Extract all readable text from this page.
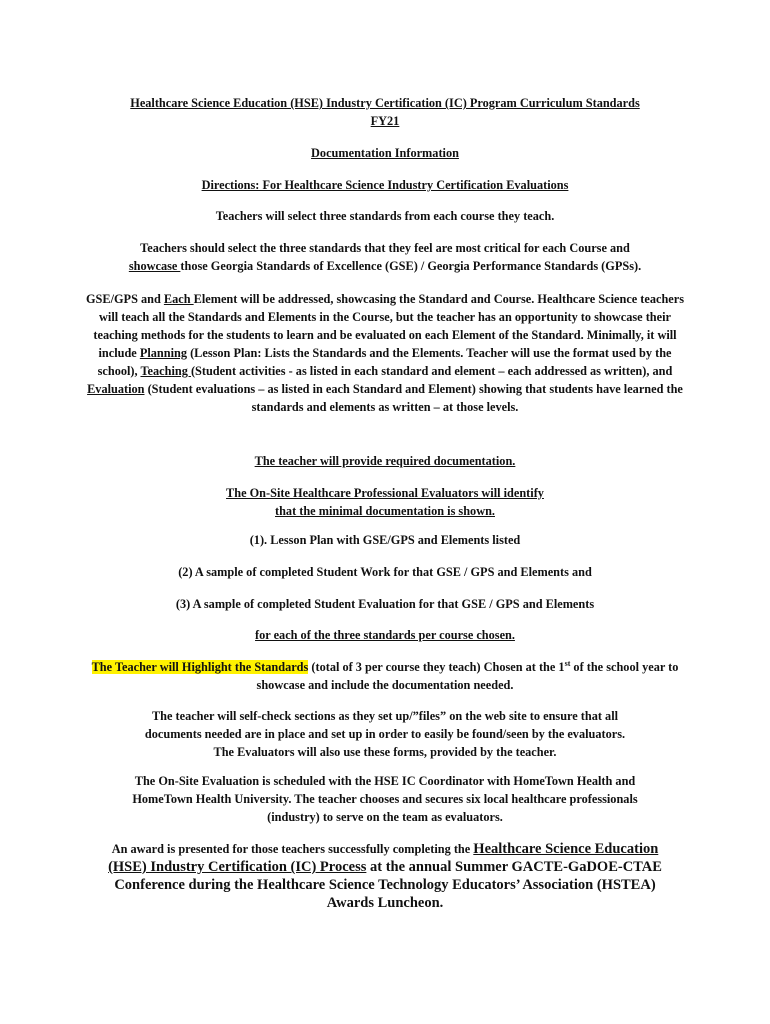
Healthcare Science Education (HSE) Industry Certification (IC) Program Curriculum Standards
FY21

Documentation Information

Directions: For Healthcare Science Industry Certification Evaluations

Teachers will select three standards from each course they teach.

Teachers should select the three standards that they feel are most critical for each Course and
showcase those Georgia Standards of Excellence (GSE) / Georgia Performance Standards (GPSs).

GSE/GPS and Each Element will be addressed, showcasing the Standard and Course. Healthcare Science teachers will teach all the Standards and Elements in the Course, but the teacher has an opportunity to showcase their teaching methods for the students to learn and be evaluated on each Element of the Standard. Minimally, it will include Planning (Lesson Plan: Lists the Standards and the Elements. Teacher will use the format used by the school), Teaching (Student activities - as listed in each standard and element – each addressed as written), and Evaluation (Student evaluations – as listed in each Standard and Element) showing that students have learned the standards and elements as written – at those levels.

The teacher will provide required documentation.

The On-Site Healthcare Professional Evaluators will identify
that the minimal documentation is shown.

(1). Lesson Plan with GSE/GPS and Elements listed

(2) A sample of completed Student Work for that GSE / GPS and Elements and

(3) A sample of completed Student Evaluation for that GSE / GPS and Elements

for each of the three standards per course chosen.

The Teacher will Highlight the Standards (total of 3 per course they teach) Chosen at the 1st of the school year to showcase and include the documentation needed.

The teacher will self-check sections as they set up/”files” on the web site to ensure that all
documents needed are in place and set up in order to easily be found/seen by the evaluators.
The Evaluators will also use these forms, provided by the teacher.

The On-Site Evaluation is scheduled with the HSE IC Coordinator with HomeTown Health and
HomeTown Health University. The teacher chooses and secures six local healthcare professionals
(industry) to serve on the team as evaluators.

An award is presented for those teachers successfully completing the Healthcare Science Education (HSE) Industry Certification (IC) Process at the annual Summer GACTE-GaDOE-CTAE Conference during the Healthcare Science Technology Educators’ Association (HSTEA) Awards Luncheon.
